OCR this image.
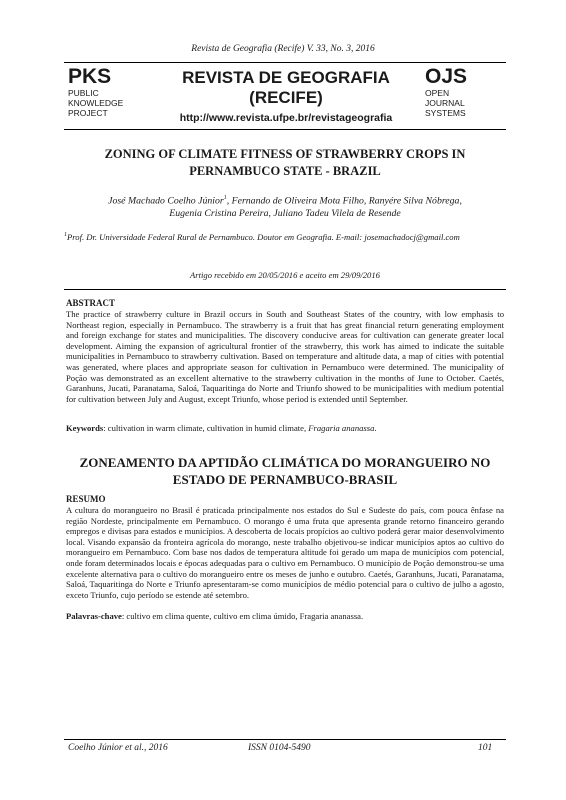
Revista de Geografia (Recife) V. 33, No. 3, 2016
PKS
PUBLIC
KNOWLEDGE
PROJECT
REVISTA DE GEOGRAFIA
(RECIFE)
http://www.revista.ufpe.br/revistageografia
OJS
OPEN
JOURNAL
SYSTEMS
ZONING OF CLIMATE FITNESS OF STRAWBERRY CROPS IN
PERNAMBUCO STATE - BRAZIL
José Machado Coelho Júnior$^1$, Fernando de Oliveira Mota Filho, Ranyére Silva Nóbrega,
Eugenia Cristina Pereira, Juliano Tadeu Vilela de Resende
$^1$Prof. Dr. Universidade Federal Rural de Pernambuco. Doutor em Geografia. E-mail: josemachadocj@gmail.com
Artigo recebido em 20/05/2016 e aceito em 29/09/2016
ABSTRACT
The practice of strawberry culture in Brazil occurs in South and Southeast States of the country, with low emphasis to Northeast region, especially in Pernambuco. The strawberry is a fruit that has great financial return generating employment and foreign exchange for states and municipalities. The discovery conducive areas for cultivation can generate greater local development. Aiming the expansion of agricultural frontier of the strawberry, this work has aimed to indicate the suitable municipalities in Pernambuco to strawberry cultivation. Based on temperature and altitude data, a map of cities with potential was generated, where places and appropriate season for cultivation in Pernambuco were determined. The municipality of Poção was demonstrated as an excellent alternative to the strawberry cultivation in the months of June to October. Caetés, Garanhuns, Jucati, Paranatama, Saloá, Taquaritinga do Norte and Triunfo showed to be municipalities with medium potential for cultivation between July and August, except Triunfo, whose period is extended until September.
Keywords: cultivation in warm climate, cultivation in humid climate, Fragaria ananassa.
ZONEAMENTO DA APTIDÃO CLIMÁTICA DO MORANGUEIRO NO
ESTADO DE PERNAMBUCO-BRASIL
RESUMO
A cultura do morangueiro no Brasil é praticada principalmente nos estados do Sul e Sudeste do país, com pouca ênfase na região Nordeste, principalmente em Pernambuco. O morango é uma fruta que apresenta grande retorno financeiro gerando empregos e divisas para estados e municípios. A descoberta de locais propícios ao cultivo poderá gerar maior desenvolvimento local. Visando expansão da fronteira agrícola do morango, neste trabalho objetivou-se indicar municípios aptos ao cultivo do morangueiro em Pernambuco. Com base nos dados de temperatura altitude foi gerado um mapa de municípios com potencial, onde foram determinados locais e épocas adequadas para o cultivo em Pernambuco. O município de Poção demonstrou-se uma excelente alternativa para o cultivo do morangueiro entre os meses de junho e outubro. Caetés, Garanhuns, Jucati, Paranatama, Saloá, Taquaritinga do Norte e Triunfo apresentaram-se como municípios de médio potencial para o cultivo de julho a agosto, exceto Triunfo, cujo período se estende até setembro.
Palavras-chave: cultivo em clima quente, cultivo em clima úmido, Fragaria ananassa.
Coelho Júnior et al., 2016	ISSN 0104-5490	101
